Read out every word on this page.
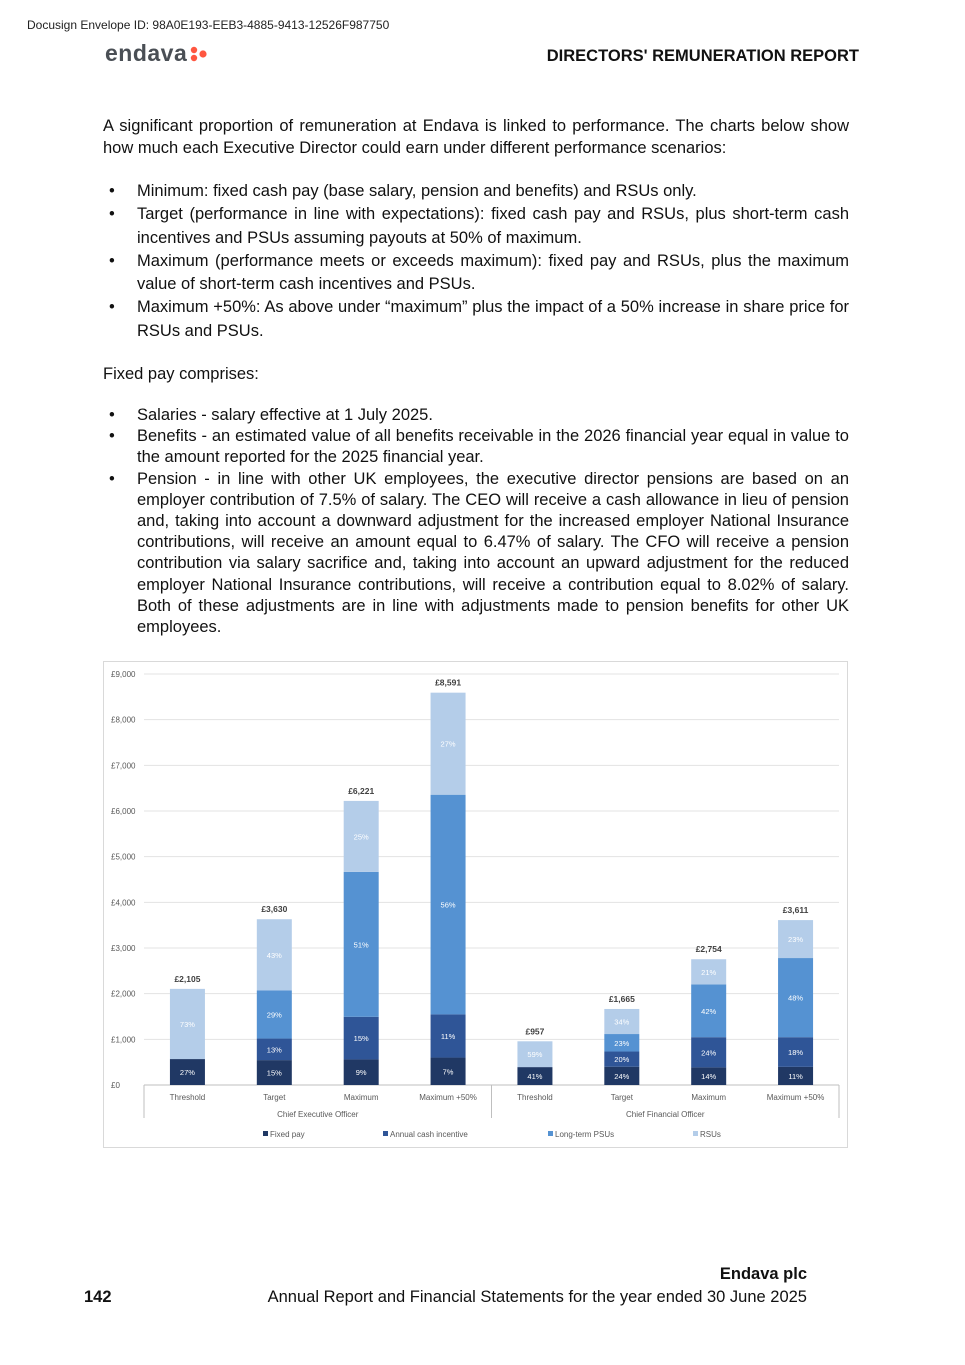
Docusign Envelope ID: 98A0E193-EEB3-4885-9413-12526F987750
endava	DIRECTORS' REMUNERATION REPORT

A significant proportion of remuneration at Endava is linked to performance. The charts below show how much each Executive Director could earn under different performance scenarios:

• Minimum: fixed cash pay (base salary, pension and benefits) and RSUs only.
• Target (performance in line with expectations): fixed cash pay and RSUs, plus short-term cash incentives and PSUs assuming payouts at 50% of maximum.
• Maximum (performance meets or exceeds maximum): fixed pay and RSUs, plus the maximum value of short-term cash incentives and PSUs.
• Maximum +50%: As above under “maximum” plus the impact of a 50% increase in share price for RSUs and PSUs.

Fixed pay comprises:

• Salaries - salary effective at 1 July 2025.
• Benefits - an estimated value of all benefits receivable in the 2026 financial year equal in value to the amount reported for the 2025 financial year.
• Pension - in line with other UK employees, the executive director pensions are based on an employer contribution of 7.5% of salary. The CEO will receive a cash allowance in lieu of pension and, taking into account a downward adjustment for the increased employer National Insurance contributions, will receive an amount equal to 6.47% of salary. The CFO will receive a pension contribution via salary sacrifice and, taking into account an upward adjustment for the reduced employer National Insurance contributions, will receive a contribution equal to 8.02% of salary. Both of these adjustments are in line with adjustments made to pension benefits for other UK employees.
£0
£1,000
£2,000
£3,000
£4,000
£5,000
£6,000
£7,000
£8,000
£9,000
27%
73%
£2,105
Threshold
15%
13%
29%
43%
£3,630
Target
9%
15%
51%
25%
£6,221
Maximum
7%
11%
56%
27%
£8,591
Maximum +50%
41%
59%
£957
Threshold
24%
20%
23%
34%
£1,665
Target
14%
24%
42%
21%
£2,754
Maximum
11%
18%
48%
23%
£3,611
Maximum +50%
Chief Executive Officer	Chief Financial Officer
Fixed pay	Annual cash incentive	Long-term PSUs	RSUs
Endava plc
142	Annual Report and Financial Statements for the year ended 30 June 2025
